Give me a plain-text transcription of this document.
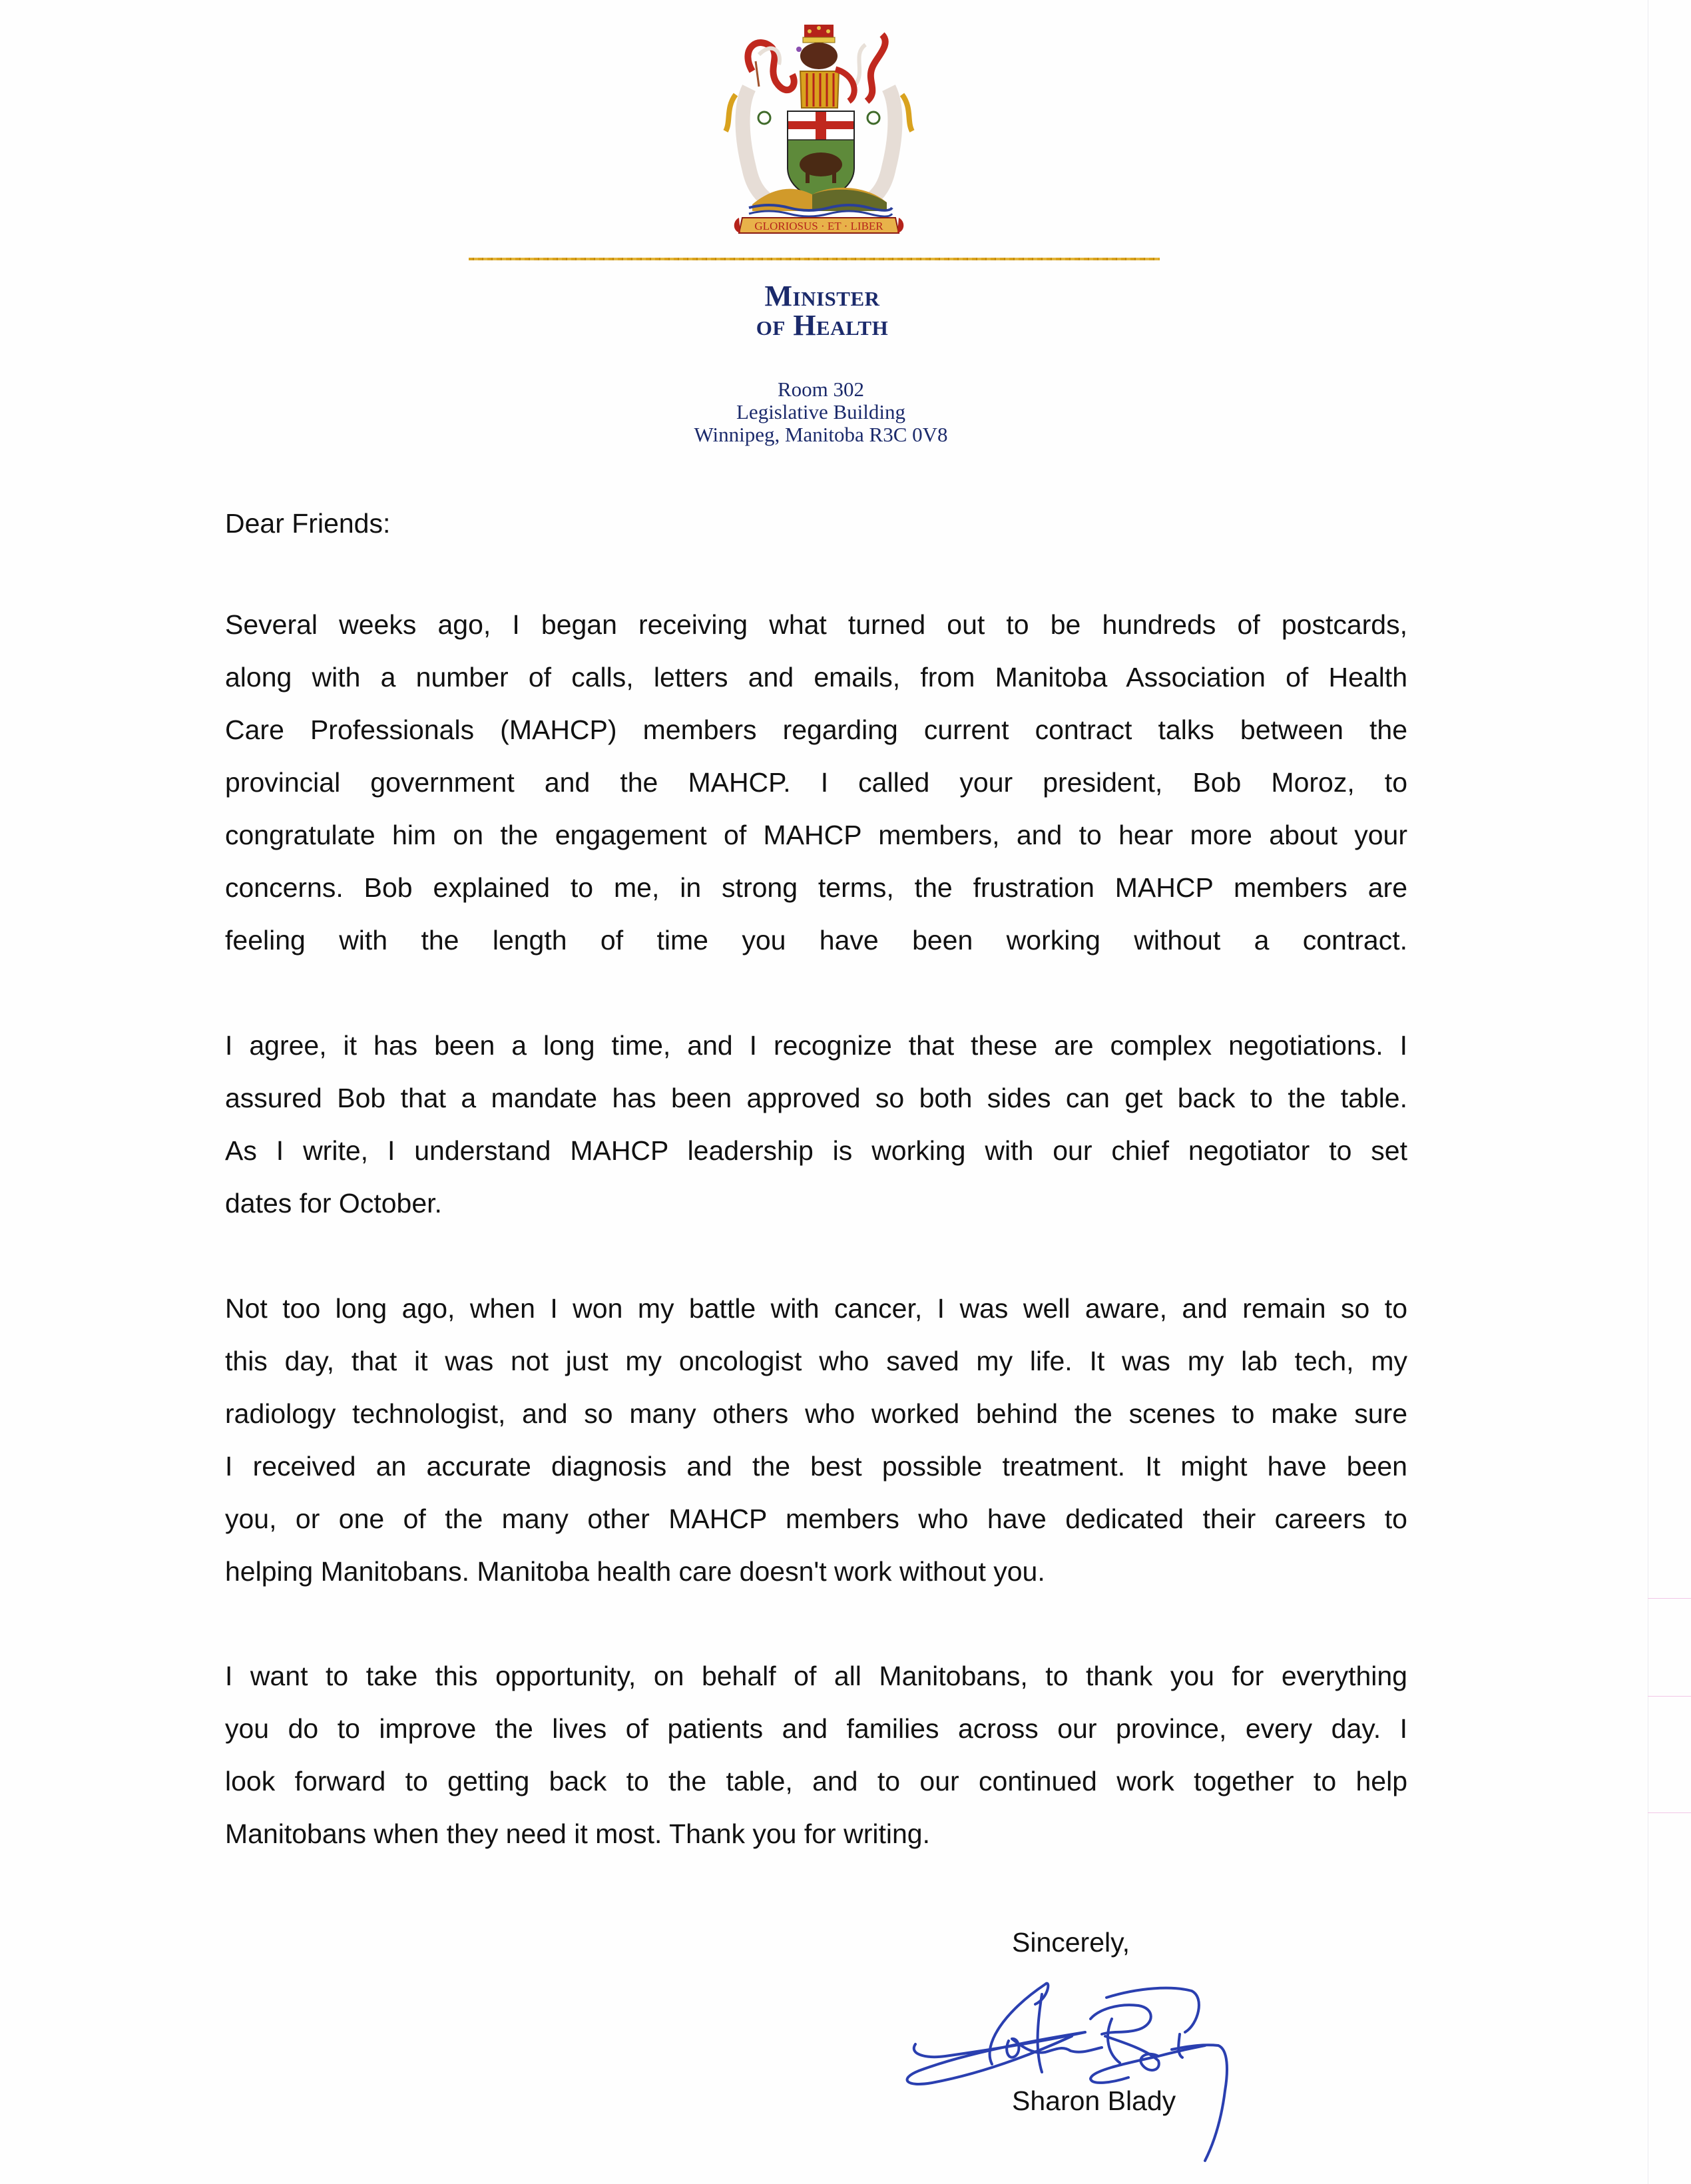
GLORIOSUS · ET · LIBER
Minister
of Health
Room 302
Legislative Building
Winnipeg, Manitoba R3C 0V8
Dear Friends:
Several weeks ago, I began receiving what turned out to be hundreds of postcards,
along with a number of calls, letters and emails, from Manitoba Association of Health
Care Professionals (MAHCP) members regarding current contract talks between the
provincial government and the MAHCP. I called your president, Bob Moroz, to
congratulate him on the engagement of MAHCP members, and to hear more about your
concerns. Bob explained to me, in strong terms, the frustration MAHCP members are
feeling with the length of time you have been working without a contract.
I agree, it has been a long time, and I recognize that these are complex negotiations. I
assured Bob that a mandate has been approved so both sides can get back to the table.
As I write, I understand MAHCP leadership is working with our chief negotiator to set
dates for October.
Not too long ago, when I won my battle with cancer, I was well aware, and remain so to
this day, that it was not just my oncologist who saved my life. It was my lab tech, my
radiology technologist, and so many others who worked behind the scenes to make sure
I received an accurate diagnosis and the best possible treatment. It might have been
you, or one of the many other MAHCP members who have dedicated their careers to
helping Manitobans. Manitoba health care doesn't work without you.
I want to take this opportunity, on behalf of all Manitobans, to thank you for everything
you do to improve the lives of patients and families across our province, every day. I
look forward to getting back to the table, and to our continued work together to help
Manitobans when they need it most. Thank you for writing.
Sincerely,
Sharon Blady
